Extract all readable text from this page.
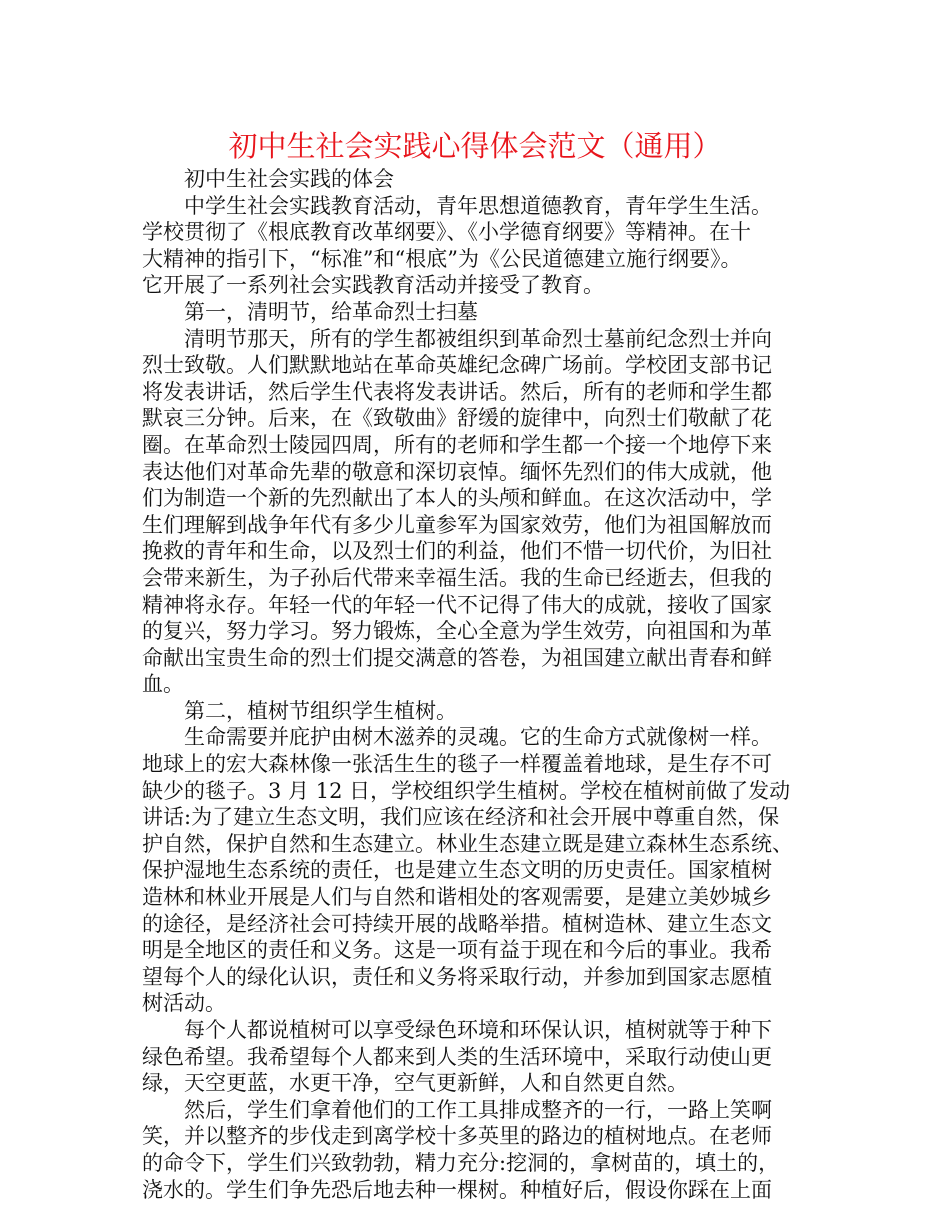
初中生社会实践心得体会范文（通用）
初中生社会实践的体会
中学生社会实践教育活动，青年思想道德教育，青年学生生活。
学校贯彻了《根底教育改革纲要》、《小学德育纲要》等精神。在十
大精神的指引下，“标准”和“根底”为《公民道德建立施行纲要》。
它开展了一系列社会实践教育活动并接受了教育。
第一，清明节，给革命烈士扫墓
清明节那天，所有的学生都被组织到革命烈士墓前纪念烈士并向
烈士致敬。人们默默地站在革命英雄纪念碑广场前。学校团支部书记
将发表讲话，然后学生代表将发表讲话。然后，所有的老师和学生都
默哀三分钟。后来，在《致敬曲》舒缓的旋律中，向烈士们敬献了花
圈。在革命烈士陵园四周，所有的老师和学生都一个接一个地停下来
表达他们对革命先辈的敬意和深切哀悼。缅怀先烈们的伟大成就，他
们为制造一个新的先烈献出了本人的头颅和鲜血。在这次活动中，学
生们理解到战争年代有多少儿童参军为国家效劳，他们为祖国解放而
挽救的青年和生命，以及烈士们的利益，他们不惜一切代价，为旧社
会带来新生，为子孙后代带来幸福生活。我的生命已经逝去，但我的
精神将永存。年轻一代的年轻一代不记得了伟大的成就，接收了国家
的复兴，努力学习。努力锻炼，全心全意为学生效劳，向祖国和为革
命献出宝贵生命的烈士们提交满意的答卷，为祖国建立献出青春和鲜
血。
第二，植树节组织学生植树。
生命需要并庇护由树木滋养的灵魂。它的生命方式就像树一样。
地球上的宏大森林像一张活生生的毯子一样覆盖着地球，是生存不可
缺少的毯子。3 月 12 日，学校组织学生植树。学校在植树前做了发动
讲话:为了建立生态文明，我们应该在经济和社会开展中尊重自然，保
护自然，保护自然和生态建立。林业生态建立既是建立森林生态系统、
保护湿地生态系统的责任，也是建立生态文明的历史责任。国家植树
造林和林业开展是人们与自然和谐相处的客观需要，是建立美妙城乡
的途径，是经济社会可持续开展的战略举措。植树造林、建立生态文
明是全地区的责任和义务。这是一项有益于现在和今后的事业。我希
望每个人的绿化认识，责任和义务将采取行动，并参加到国家志愿植
树活动。
每个人都说植树可以享受绿色环境和环保认识，植树就等于种下
绿色希望。我希望每个人都来到人类的生活环境中，采取行动使山更
绿，天空更蓝，水更干净，空气更新鲜，人和自然更自然。
然后，学生们拿着他们的工作工具排成整齐的一行，一路上笑啊
笑，并以整齐的步伐走到离学校十多英里的路边的植树地点。在老师
的命令下，学生们兴致勃勃，精力充分:挖洞的，拿树苗的，填土的，
浇水的。学生们争先恐后地去种一棵树。种植好后，假设你踩在上面
